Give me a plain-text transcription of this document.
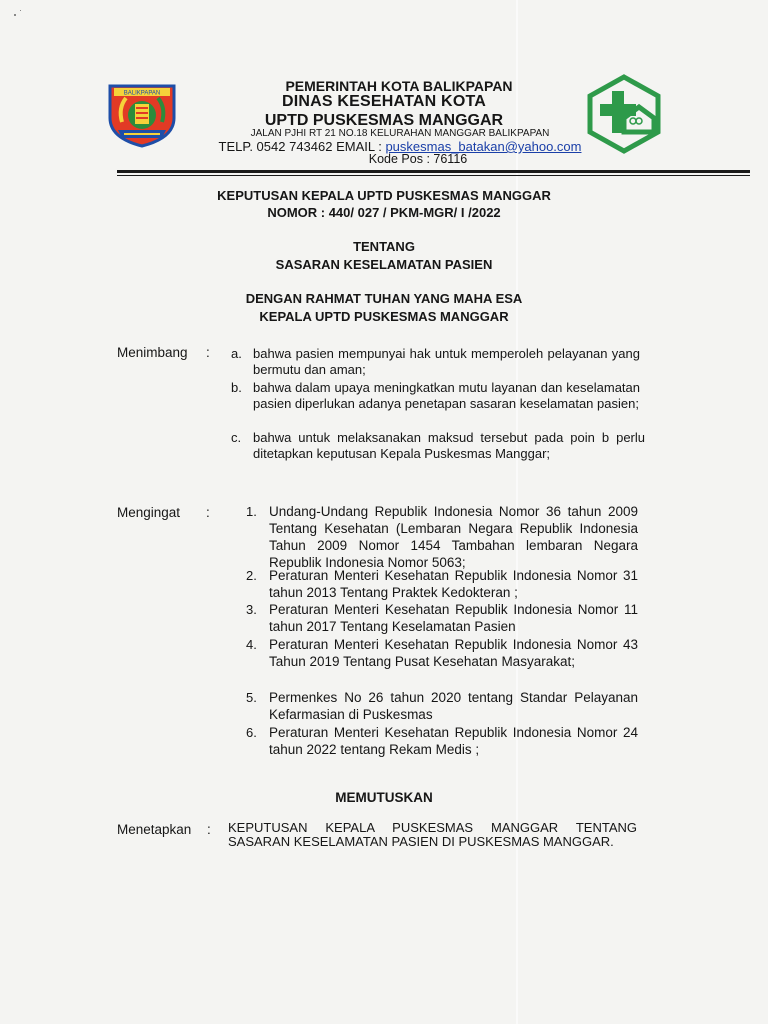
BALIKPAPAN	PEMERINTAH KOTA BALIKPAPAN
DINAS KESEHATAN KOTA
UPTD PUSKESMAS MANGGAR
JALAN PJHI RT 21 NO.18 KELURAHAN MANGGAR BALIKPAPAN
TELP. 0542 743462 EMAIL : puskesmas_batakan@yahoo.com
Kode Pos : 76116
KEPUTUSAN KEPALA UPTD PUSKESMAS MANGGAR
NOMOR : 440/ 027 / PKM-MGR/ I /2022
TENTANG
SASARAN KESELAMATAN PASIEN
DENGAN RAHMAT TUHAN YANG MAHA ESA
KEPALA UPTD PUSKESMAS MANGGAR
Menimbang : a. bahwa pasien mempunyai hak untuk memperoleh pelayanan yang bermutu dan aman;
b. bahwa dalam upaya meningkatkan mutu layanan dan keselamatan pasien diperlukan adanya penetapan sasaran keselamatan pasien;
c. bahwa untuk melaksanakan maksud tersebut pada poin b perlu ditetapkan keputusan Kepala Puskesmas Manggar;
Mengingat :	1. Undang-Undang Republik Indonesia Nomor 36 tahun 2009 Tentang Kesehatan (Lembaran Negara Republik Indonesia Tahun 2009 Nomor 1454 Tambahan lembaran Negara Republik Indonesia Nomor 5063;
2. Peraturan Menteri Kesehatan Republik Indonesia Nomor 31 tahun 2013 Tentang Praktek Kedokteran ;
3. Peraturan Menteri Kesehatan Republik Indonesia Nomor 11 tahun 2017 Tentang Keselamatan Pasien
4. Peraturan Menteri Kesehatan Republik Indonesia Nomor 43 Tahun 2019 Tentang Pusat Kesehatan Masyarakat;
5. Permenkes No 26 tahun 2020 tentang Standar Pelayanan Kefarmasian di Puskesmas
6. Peraturan Menteri Kesehatan Republik Indonesia Nomor 24 tahun 2022 tentang Rekam Medis ;
MEMUTUSKAN
Menetapkan : KEPUTUSAN KEPALA PUSKESMAS MANGGAR TENTANG SASARAN KESELAMATAN PASIEN DI PUSKESMAS MANGGAR.
